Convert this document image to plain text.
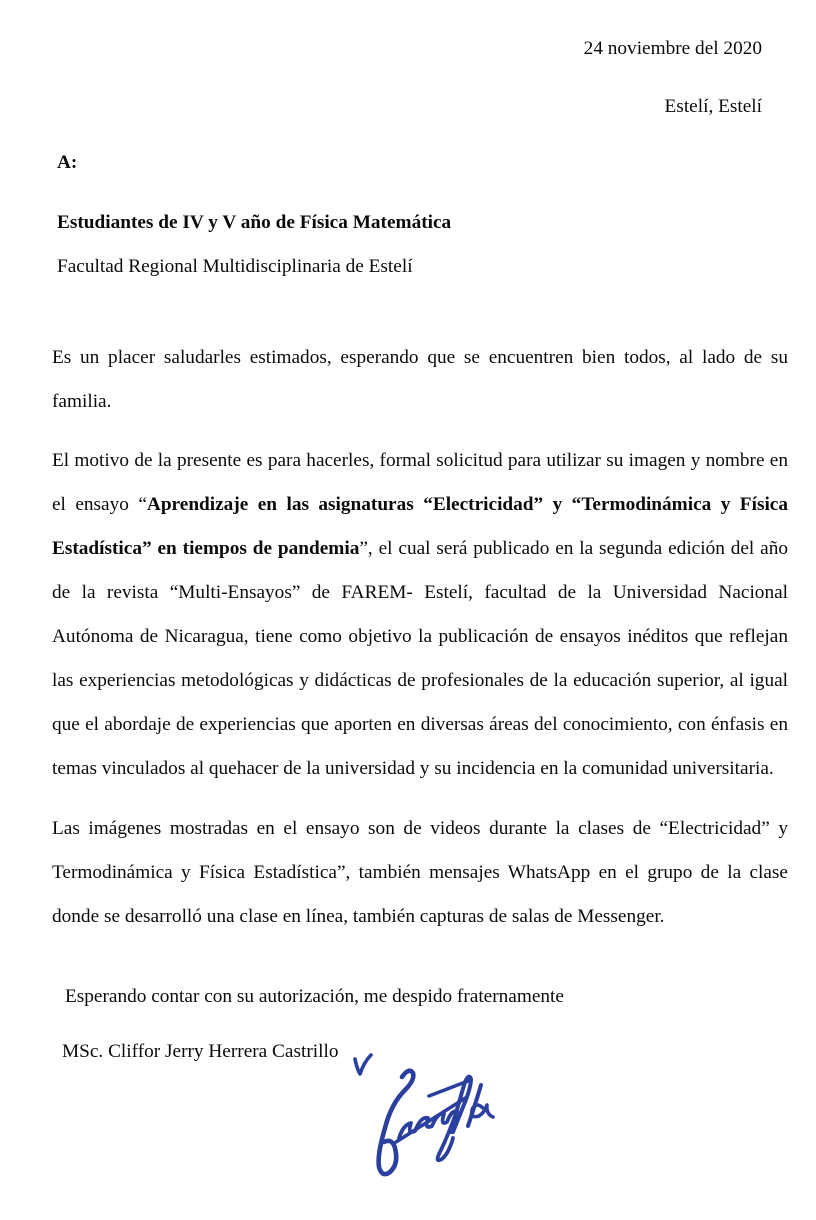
24 noviembre del 2020
Estelí, Estelí
A:
Estudiantes de IV y V año de Física Matemática
Facultad Regional Multidisciplinaria de Estelí

Es un placer saludarles estimados, esperando que se encuentren bien todos, al lado de su familia.

El motivo de la presente es para hacerles, formal solicitud para utilizar su imagen y nombre en el ensayo “Aprendizaje en las asignaturas “Electricidad” y “Termodinámica y Física Estadística” en tiempos de pandemia”, el cual será publicado en la segunda edición del año de la revista “Multi-Ensayos” de FAREM- Estelí, facultad de la Universidad Nacional Autónoma de Nicaragua, tiene como objetivo la publicación de ensayos inéditos que reflejan las experiencias metodológicas y didácticas de profesionales de la educación superior, al igual que el abordaje de experiencias que aporten en diversas áreas del conocimiento, con énfasis en temas vinculados al quehacer de la universidad y su incidencia en la comunidad universitaria.

Las imágenes mostradas en el ensayo son de videos durante la clases de “Electricidad” y Termodinámica y Física Estadística”, también mensajes WhatsApp en el grupo de la clase donde se desarrolló una clase en línea, también capturas de salas de Messenger.

Esperando contar con su autorización, me despido fraternamente

MSc. Cliffor Jerry Herrera Castrillo
